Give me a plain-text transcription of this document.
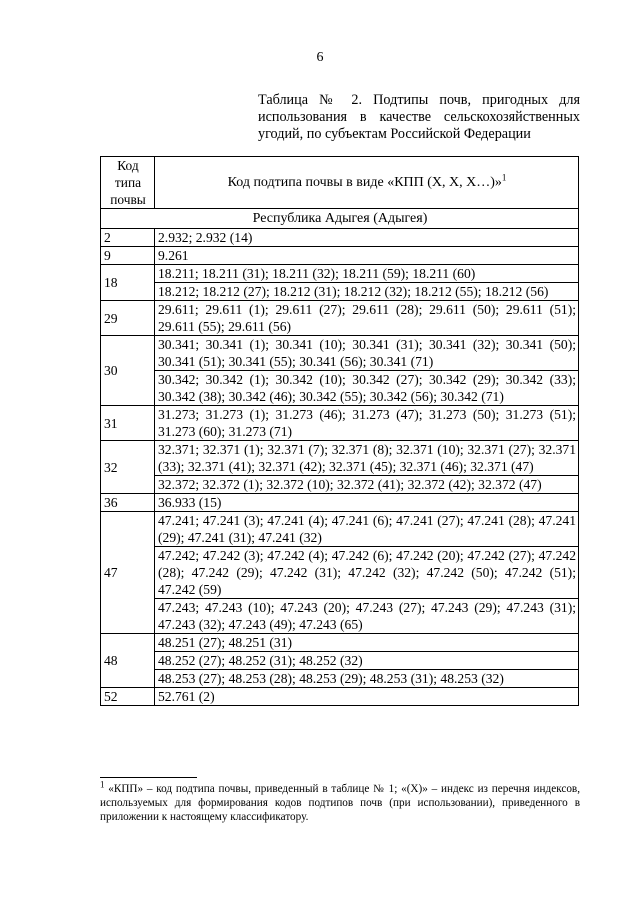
6
Таблица № 2. Подтипы почв, пригодных для использования в качестве сельскохозяйственных угодий, по субъектам Российской Федерации
Код
типа
почвы	Код подтипа почвы в виде «КПП (X, X, X…)»$^1$
Республика Адыгея (Адыгея)	
2	2.932; 2.932 (14)
9	9.261
18	18.211; 18.211 (31); 18.211 (32); 18.211 (59); 18.211 (60)
	18.212; 18.212 (27); 18.212 (31); 18.212 (32); 18.212 (55); 18.212 (56)
29	29.611; 29.611 (1); 29.611 (27); 29.611 (28); 29.611 (50); 29.611 (51); 29.611 (55); 29.611 (56)
30	30.341; 30.341 (1); 30.341 (10); 30.341 (31); 30.341 (32); 30.341 (50); 30.341 (51); 30.341 (55); 30.341 (56); 30.341 (71)
	30.342; 30.342 (1); 30.342 (10); 30.342 (27); 30.342 (29); 30.342 (33); 30.342 (38); 30.342 (46); 30.342 (55); 30.342 (56); 30.342 (71)
31	31.273; 31.273 (1); 31.273 (46); 31.273 (47); 31.273 (50); 31.273 (51); 31.273 (60); 31.273 (71)
32	32.371; 32.371 (1); 32.371 (7); 32.371 (8); 32.371 (10); 32.371 (27); 32.371 (33); 32.371 (41); 32.371 (42); 32.371 (45); 32.371 (46); 32.371 (47)
	32.372; 32.372 (1); 32.372 (10); 32.372 (41); 32.372 (42); 32.372 (47)
36	36.933 (15)
47	47.241; 47.241 (3); 47.241 (4); 47.241 (6); 47.241 (27); 47.241 (28); 47.241 (29); 47.241 (31); 47.241 (32)
	47.242; 47.242 (3); 47.242 (4); 47.242 (6); 47.242 (20); 47.242 (27); 47.242 (28); 47.242 (29); 47.242 (31); 47.242 (32); 47.242 (50); 47.242 (51); 47.242 (59)
	47.243; 47.243 (10); 47.243 (20); 47.243 (27); 47.243 (29); 47.243 (31); 47.243 (32); 47.243 (49); 47.243 (65)
48	48.251 (27); 48.251 (31)
	48.252 (27); 48.252 (31); 48.252 (32)
	48.253 (27); 48.253 (28); 48.253 (29); 48.253 (31); 48.253 (32)
52	52.761 (2)
$^1$ «КПП» – код подтипа почвы, приведенный в таблице № 1; «(X)» – индекс из перечня индексов, используемых для формирования кодов подтипов почв (при использовании), приведенного в приложении к настоящему классификатору.
